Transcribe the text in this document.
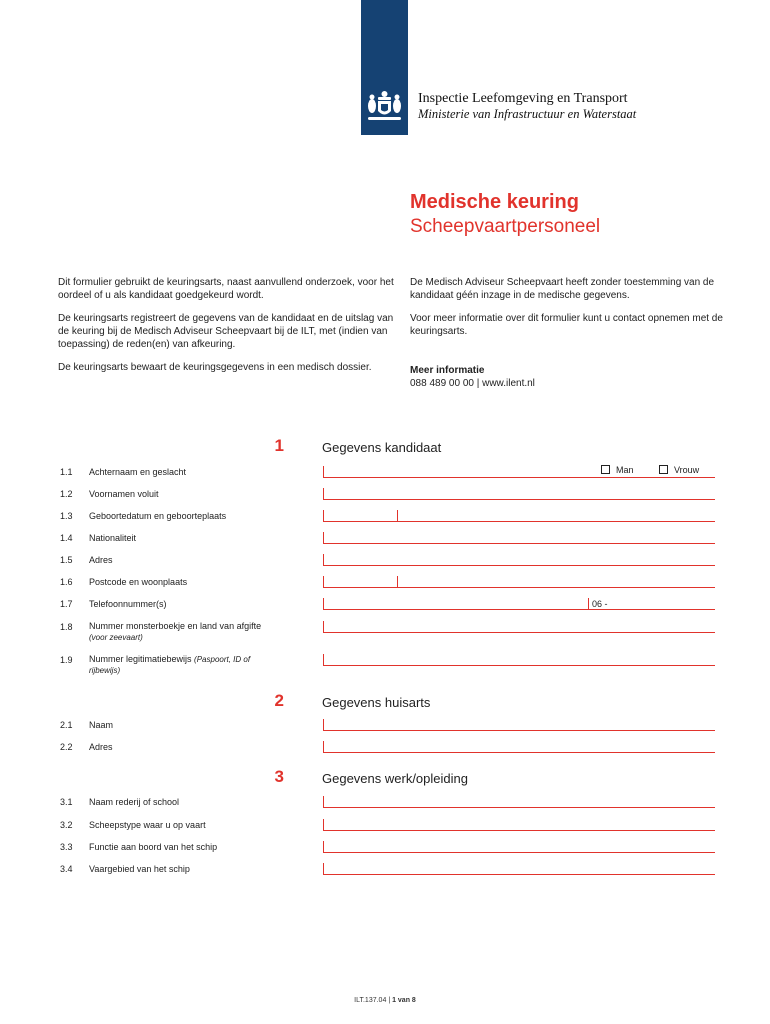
Inspectie Leefomgeving en Transport
Ministerie van Infrastructuur en Waterstaat
Medische keuring
Scheepvaartpersoneel

Dit formulier gebruikt de keuringsarts, naast aanvullend onderzoek, voor het oordeel of u als kandidaat goedgekeurd wordt.

De keuringsarts registreert de gegevens van de kandidaat en de uitslag van de keuring bij de Medisch Adviseur Scheepvaart bij de ILT, met (indien van toepassing) de reden(en) van afkeuring.

De keuringsarts bewaart de keuringsgegevens in een medisch dossier.

De Medisch Adviseur Scheepvaart heeft zonder toestemming van de kandidaat géén inzage in de medische gegevens.

Voor meer informatie over dit formulier kunt u contact opnemen met de keuringsarts.

Meer informatie

088 489 00 00 | www.ilent.nl

1	Gegevens kandidaat
1.1 Achternaam en geslacht	Man	Vrouw
1.2 Voornamen voluit
1.3 Geboortedatum en geboorteplaats
1.4 Nationaliteit
1.5 Adres
1.6 Postcode en woonplaats
1.7 Telefoonnummer(s)	06 -
1.8 Nummer monsterboekje en land van afgifte
(voor zeevaart)
1.9 Nummer legitimatiebewijs (Paspoort, ID of rijbewijs)
2	Gegevens huisarts
2.1 Naam
2.2 Adres
3	Gegevens werk/opleiding
3.1 Naam rederij of school
3.2 Scheepstype waar u op vaart
3.3 Functie aan boord van het schip
3.4 Vaargebied van het schip
ILT.137.04 | 1 van 8
